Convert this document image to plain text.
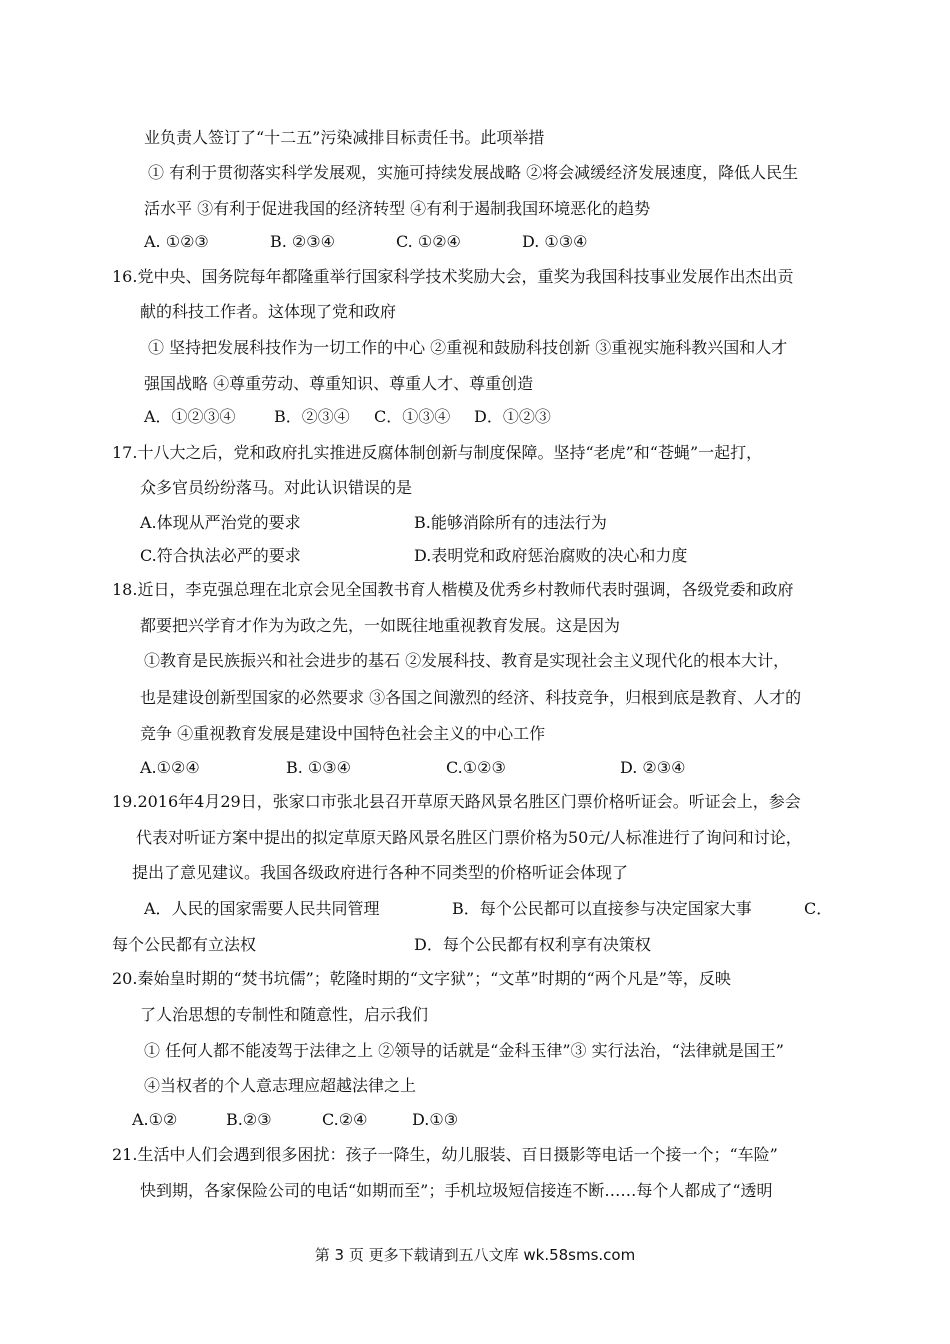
业负责人签订了“十二五”污染减排目标责任书。此项举措
① 有利于贯彻落实科学发展观，实施可持续发展战略 ②将会减缓经济发展速度，降低人民生
活水平 ③有利于促进我国的经济转型 ④有利于遏制我国环境恶化的趋势
A. ①②③	B. ②③④	C. ①②④	D. ①③④
16.党中央、国务院每年都隆重举行国家科学技术奖励大会，重奖为我国科技事业发展作出杰出贡
献的科技工作者。这体现了党和政府
① 坚持把发展科技作为一切工作的中心 ②重视和鼓励科技创新 ③重视实施科教兴国和人才
强国战略 ④尊重劳动、尊重知识、尊重人才、尊重创造
A．①②③④ B．②③④ C．①③④ D．①②③
17.十八大之后，党和政府扎实推进反腐体制创新与制度保障。坚持“老虎”和“苍蝇”一起打，
众多官员纷纷落马。对此认识错误的是
A.体现从严治党的要求	B.能够消除所有的违法行为
C.符合执法必严的要求	D.表明党和政府惩治腐败的决心和力度
18.近日，李克强总理在北京会见全国教书育人楷模及优秀乡村教师代表时强调，各级党委和政府
都要把兴学育才作为为政之先，一如既往地重视教育发展。这是因为
①教育是民族振兴和社会进步的基石 ②发展科技、教育是实现社会主义现代化的根本大计，
也是建设创新型国家的必然要求 ③各国之间激烈的经济、科技竞争，归根到底是教育、人才的
竞争 ④重视教育发展是建设中国特色社会主义的中心工作
A.①②④	B. ①③④	C.①②③	D. ②③④
19.2016年4月29日，张家口市张北县召开草原天路风景名胜区门票价格听证会。听证会上，参会
代表对听证方案中提出的拟定草原天路风景名胜区门票价格为50元/人标准进行了询问和讨论，
提出了意见建议。我国各级政府进行各种不同类型的价格听证会体现了
A．人民的国家需要人民共同管理	B．每个公民都可以直接参与决定国家大事	C．
每个公民都有立法权	D．每个公民都有权利享有决策权
20.秦始皇时期的“焚书坑儒”；乾隆时期的“文字狱”；“文革”时期的“两个凡是”等，反映
了人治思想的专制性和随意性，启示我们
① 任何人都不能凌驾于法律之上 ②领导的话就是“金科玉律”③ 实行法治，“法律就是国王”
④当权者的个人意志理应超越法律之上
A.①②	B.②③	C.②④	D.①③
21.生活中人们会遇到很多困扰：孩子一降生，幼儿服装、百日摄影等电话一个接一个；“车险”
快到期，各家保险公司的电话“如期而至”；手机垃圾短信接连不断……每个人都成了“透明
第 3 页 更多下载请到五八文库 wk.58sms.com
